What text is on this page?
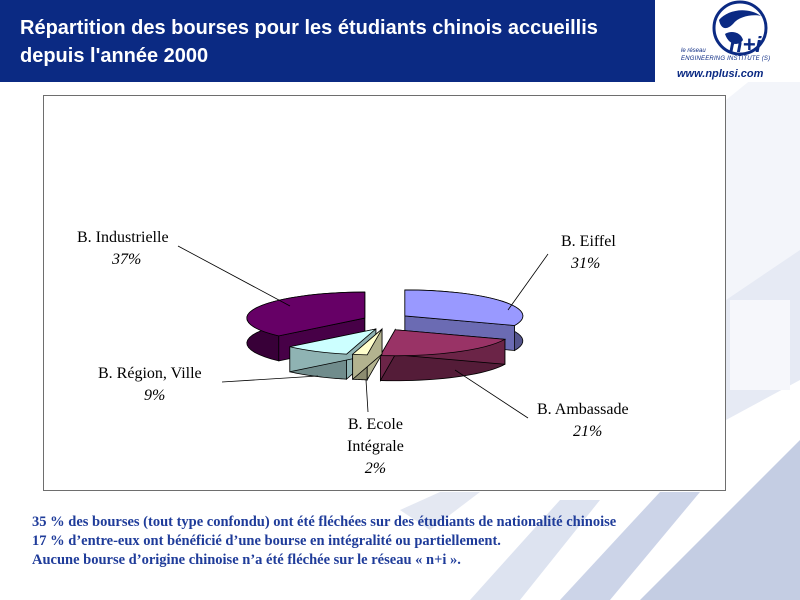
Répartition des bourses pour les étudiants chinois accueillis depuis l'année 2000	n+i
le réseau
ENGINEERING INSTITUTE (S)
www.nplusi.com
B. Eiffel
31%
B. Ambassade
21%
B. Ecole
Intégrale
2%
B. Région, Ville
9%
B. Industrielle
37%
35 % des bourses (tout type confondu) ont été fléchées sur des étudiants de nationalité chinoise
17 % d’entre-eux ont bénéficié d’une bourse en intégralité ou partiellement.
Aucune bourse d’origine chinoise n’a été fléchée sur le réseau « n+i ».
